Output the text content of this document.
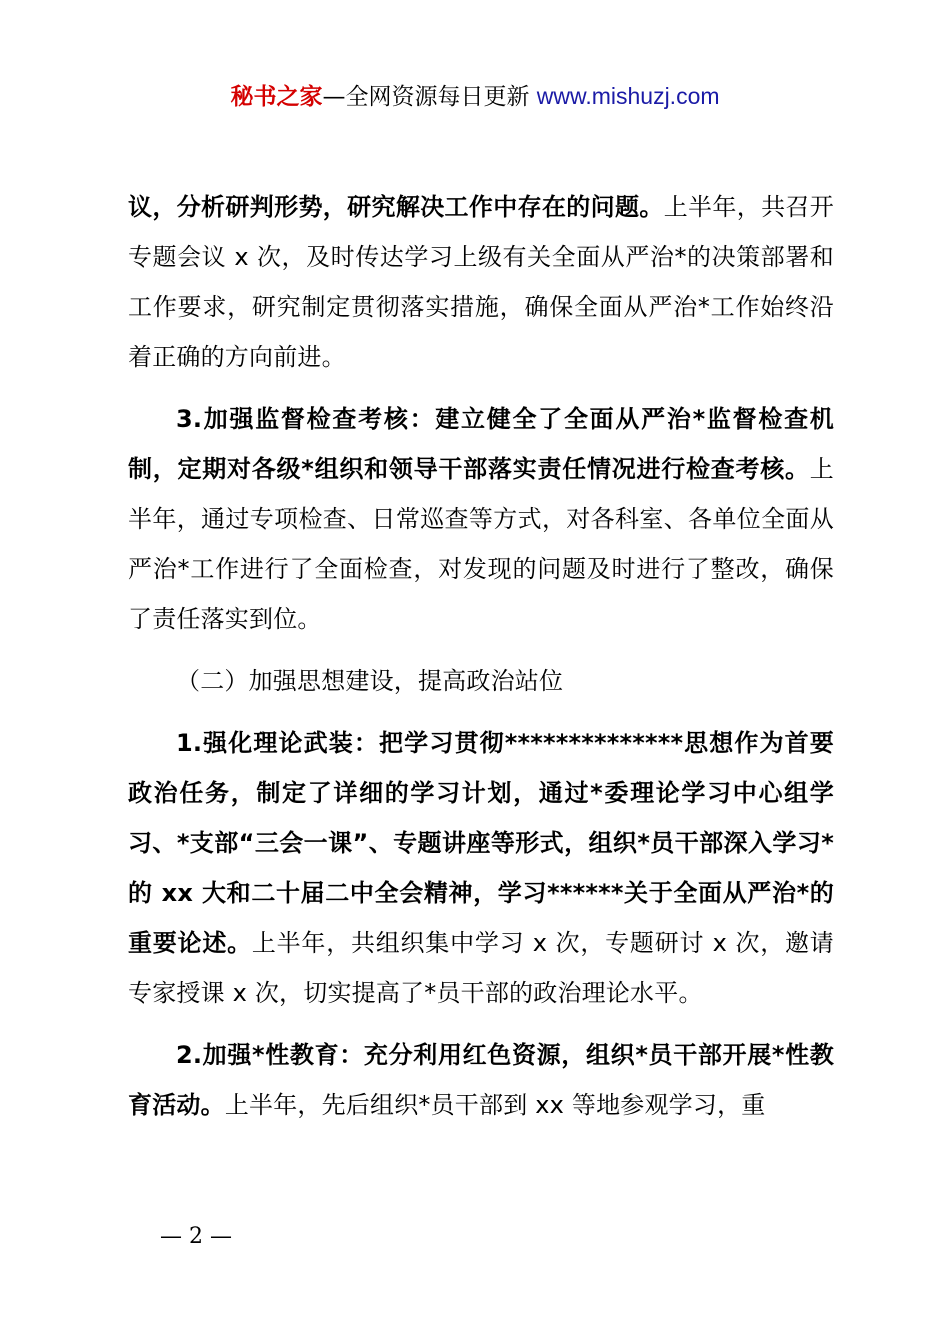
秘书之家—全网资源每日更新 www.mishuzj.com

议，分析研判形势，研究解决工作中存在的问题。上半年，共召开专题会议 x 次，及时传达学习上级有关全面从严治*的决策部署和工作要求，研究制定贯彻落实措施，确保全面从严治*工作始终沿着正确的方向前进。

3.加强监督检查考核：建立健全了全面从严治*监督检查机制，定期对各级*组织和领导干部落实责任情况进行检查考核。上半年，通过专项检查、日常巡查等方式，对各科室、各单位全面从严治*工作进行了全面检查，对发现的问题及时进行了整改，确保了责任落实到位。

（二）加强思想建设，提高政治站位

1.强化理论武装：把学习贯彻**************思想作为首要政治任务，制定了详细的学习计划，通过*委理论学习中心组学习、*支部“三会一课”、专题讲座等形式，组织*员干部深入学习*的 xx 大和二十届二中全会精神，学习******关于全面从严治*的重要论述。上半年，共组织集中学习 x 次，专题研讨 x 次，邀请专家授课 x 次，切实提高了*员干部的政治理论水平。

2.加强*性教育：充分利用红色资源，组织*员干部开展*性教育活动。上半年，先后组织*员干部到 xx 等地参观学习，重

— 2 —
